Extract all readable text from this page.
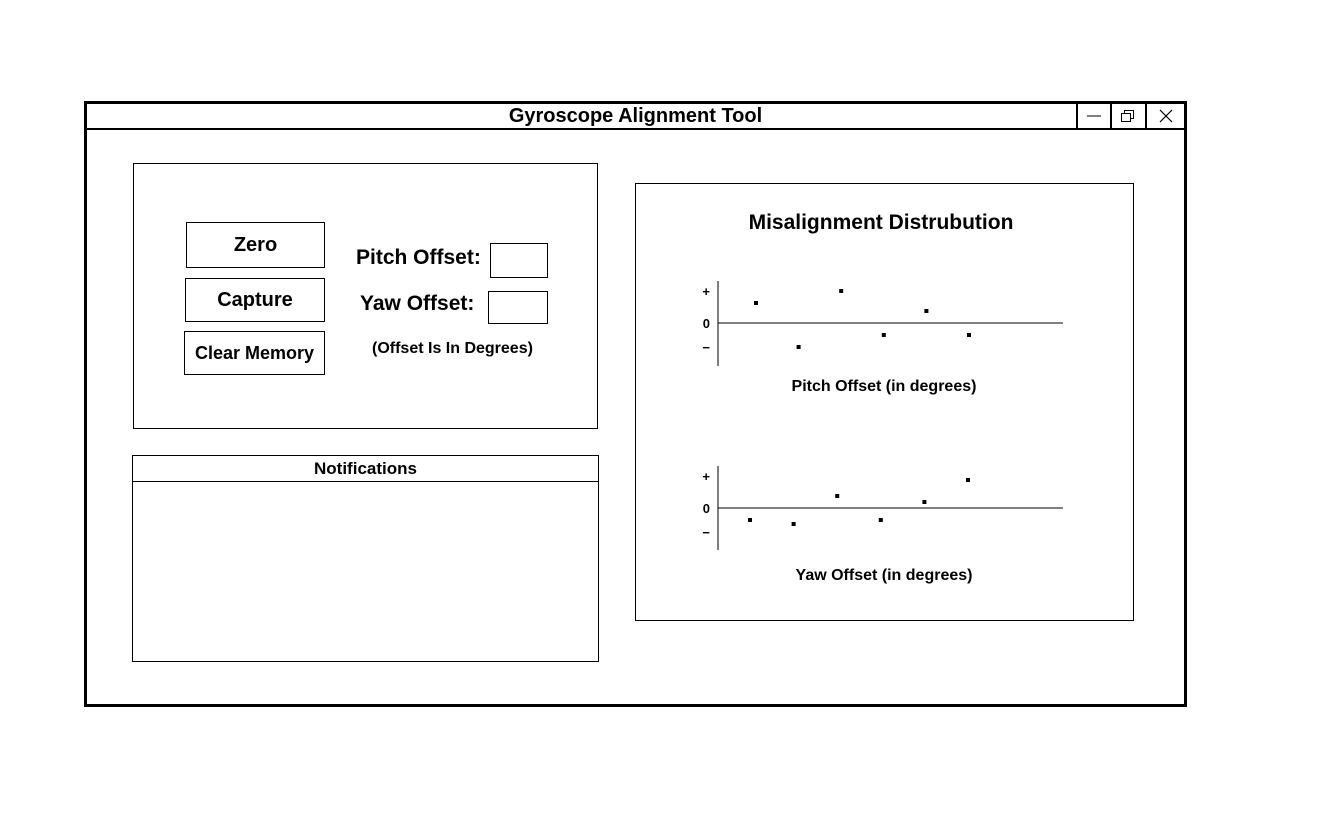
Gyroscope Alignment Tool
Zero
Capture
Clear Memory
Pitch Offset:
Yaw Offset:
(Offset Is In Degrees)
Notifications
Misalignment Distrubution
+
0
−
Pitch Offset (in degrees)
+
0
−
Yaw Offset (in degrees)
